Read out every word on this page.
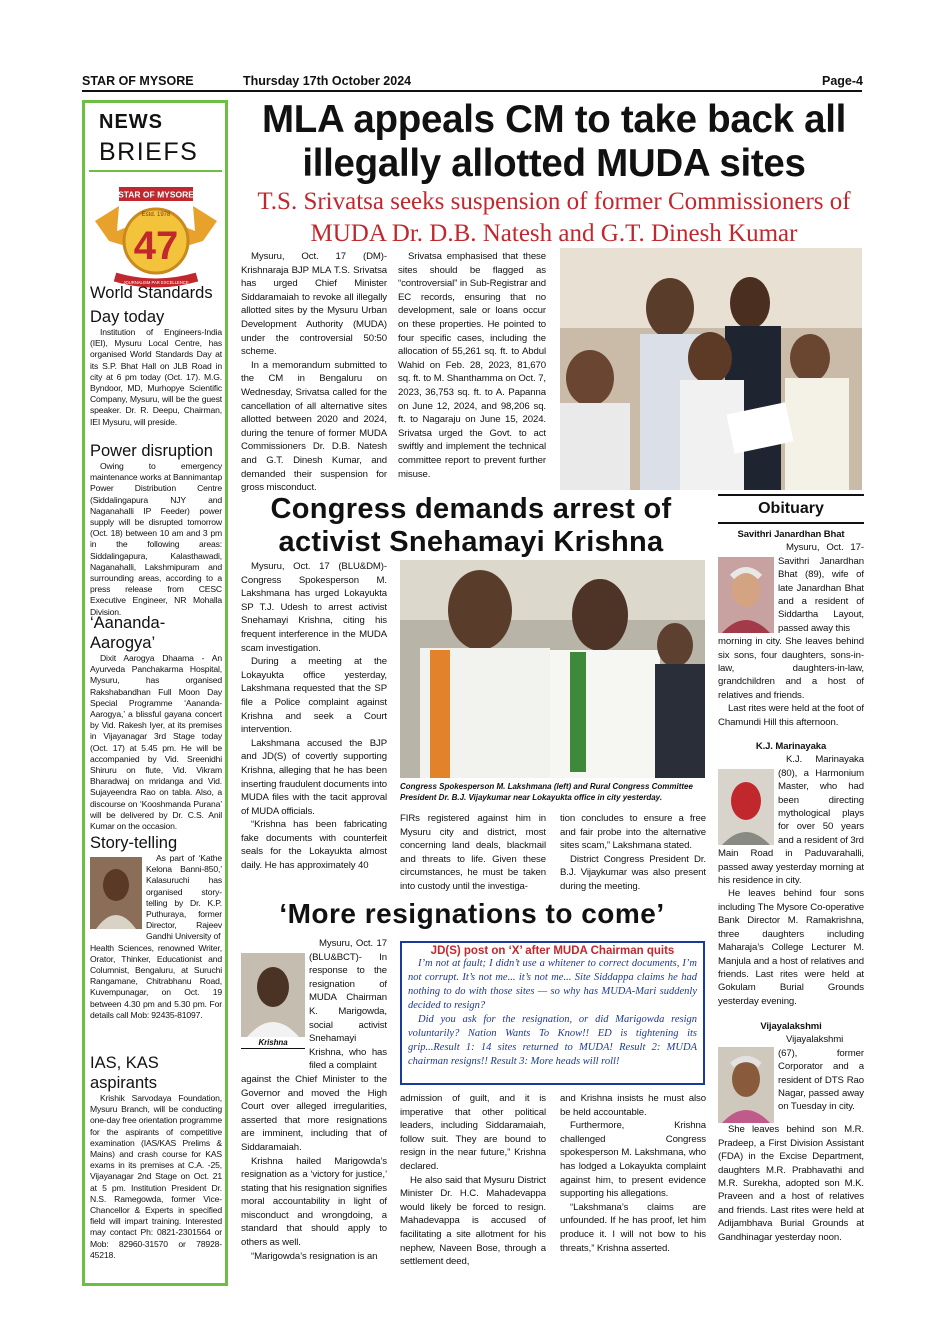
STAR OF MYSORE	Thursday 17th October 2024	Page-4
NEWS
BRIEFS
STAR OF MYSORE
Estd. 1978
47
JOURNALISM PAR EXCELLENCE
World Standards
Day today
Institution of Engineers-India (IEI), Mysuru Local Centre, has organised World Standards Day at its S.P. Bhat Hall on JLB Road in city at 6 pm today (Oct. 17). M.G. Byndoor, MD, Murhopye Scientific Company, Mysuru, will be the guest speaker. Dr. R. Deepu, Chairman, IEI Mysuru, will preside.
Power disruption
Owing to emergency maintenance works at Bannimantap Power Distribution Centre (Siddalingapura NJY and Naganahalli IP Feeder) power supply will be disrupted tomorrow (Oct. 18) between 10 am and 3 pm in the following areas: Siddalingapura, Kalasthawadi, Naganahalli, Lakshmipuram and surrounding areas, according to a press release from CESC Executive Engineer, NR Mohalla Division.
‘Aananda-Aarogya’
Dixit Aarogya Dhaama - An Ayurveda Panchakarma Hospital, Mysuru, has organised Rakshabandhan Full Moon Day Special Programme ‘Aananda-Aarogya,’ a blissful gayana concert by Vid. Rakesh Iyer, at its premises in Vijayanagar 3rd Stage today (Oct. 17) at 5.45 pm. He will be accompanied by Vid. Sreenidhi Shiruru on flute, Vid. Vikram Bharadwaj on mridanga and Vid. Sujayeendra Rao on tabla. Also, a discourse on ‘Kooshmanda Purana’ will be delivered by Dr. C.S. Anil Kumar on the occasion.
Story-telling
As part of ‘Kathe Kelona Banni-850,’ Kalasuruchi has organised story-telling by Dr. K.P. Puthuraya, former Director, Rajeev Gandhi University of
Health Sciences, renowned Writer, Orator, Thinker, Educationist and Columnist, Bengaluru, at Suruchi Rangamane, Chitrabhanu Road, Kuvempunagar, on Oct. 19 between 4.30 pm and 5.30 pm. For details call Mob: 92435-81097.
IAS, KAS aspirants
Krishik Sarvodaya Foundation, Mysuru Branch, will be conducting one-day free orientation programme for the aspirants of competitive examination (IAS/KAS Prelims & Mains) and crash course for KAS exams in its premises at C.A. -25, Vijayanagar 2nd Stage on Oct. 21 at 5 pm. Institution President Dr. N.S. Ramegowda, former Vice-Chancellor & Experts in specified field will impart training. Interested may contact Ph: 0821-2301564 or Mob: 82960-31570 or 78928-45218.
MLA appeals CM to take back all illegally allotted MUDA sites
T.S. Srivatsa seeks suspension of former Commissioners of MUDA Dr. D.B. Natesh and G.T. Dinesh Kumar

Mysuru, Oct. 17 (DM)- Krishnaraja BJP MLA T.S. Srivatsa has urged Chief Minister Siddaramaiah to revoke all illegally allotted sites by the Mysuru Urban Development Authority (MUDA) under the controversial 50:50 scheme.

In a memorandum submitted to the CM in Bengaluru on Wednesday, Srivatsa called for the cancellation of all alternative sites allotted between 2020 and 2024, during the tenure of former MUDA Commissioners Dr. D.B. Natesh and G.T. Dinesh Kumar, and demanded their suspension for gross misconduct.

Srivatsa emphasised that these sites should be flagged as “controversial” in Sub-Registrar and EC records, ensuring that no development, sale or loans occur on these properties. He pointed to four specific cases, including the allocation of 55,261 sq. ft. to Abdul Wahid on Feb. 28, 2023, 81,670 sq. ft. to M. Shanthamma on Oct. 7, 2023, 36,753 sq. ft. to A. Papanna on June 12, 2024, and 98,206 sq. ft. to Nagaraju on June 15, 2024. Srivatsa urged the Govt. to act swiftly and implement the technical committee report to prevent further misuse.

Congress demands arrest of activist Snehamayi Krishna

Mysuru, Oct. 17 (BLU&DM)- Congress Spokesperson M. Lakshmana has urged Lokayukta SP T.J. Udesh to arrest activist Snehamayi Krishna, citing his frequent interference in the MUDA scam investigation.

During a meeting at the Lokayukta office yesterday, Lakshmana requested that the SP file a Police complaint against Krishna and seek a Court intervention.

Lakshmana accused the BJP and JD(S) of covertly supporting Krishna, alleging that he has been inserting fraudulent documents into MUDA files with the tacit approval of MUDA officials.

“Krishna has been fabricating fake documents with counterfeit seals for the Lokayukta almost daily. He has approximately 40

Congress Spokesperson M. Lakshmana (left) and Rural Congress Committee President Dr. B.J. Vijaykumar near Lokayukta office in city yesterday.
FIRs registered against him in Mysuru city and district, most concerning land deals, blackmail and threats to life. Given these circumstances, he must be taken into custody until the investiga-
tion concludes to ensure a free and fair probe into the alternative sites scam,” Lakshmana stated.

District Congress President Dr. B.J. Vijaykumar was also present during the meeting.

‘More resignations to come’
Krishna
Mysuru, Oct. 17 (BLU&BCT)- In response to the resignation of MUDA Chairman K. Marigowda, social activist Snehamayi Krishna, who has filed a complaint
against the Chief Minister to the Governor and moved the High Court over alleged irregularities, asserted that more resignations are imminent, including that of Siddaramaiah.

Krishna hailed Marigowda’s resignation as a ‘victory for justice,’ stating that his resignation signifies moral accountability in light of misconduct and wrongdoing, a standard that should apply to others as well.

“Marigowda’s resignation is an

JD(S) post on ‘X’ after MUDA Chairman quits

I’m not at fault; I didn’t use a whitener to correct documents, I’m not corrupt. It’s not me... it’s not me... Site Siddappa claims he had nothing to do with those sites — so why has MUDA-Mari suddenly decided to resign?

Did you ask for the resignation, or did Marigowda resign voluntarily? Nation Wants To Know!! ED is tightening its grip...Result 1: 14 sites returned to MUDA! Result 2: MUDA chairman resigns!! Result 3: More heads will roll!

admission of guilt, and it is imperative that other political leaders, including Siddaramaiah, follow suit. They are bound to resign in the near future,” Krishna declared.

He also said that Mysuru District Minister Dr. H.C. Mahadevappa would likely be forced to resign. Mahadevappa is accused of facilitating a site allotment for his nephew, Naveen Bose, through a settlement deed,

and Krishna insists he must also be held accountable.

Furthermore, Krishna challenged Congress spokesperson M. Lakshmana, who has lodged a Lokayukta complaint against him, to present evidence supporting his allegations.

“Lakshmana’s claims are unfounded. If he has proof, let him produce it. I will not bow to his threats,” Krishna asserted.

Obituary
Savithri Janardhan Bhat
Mysuru, Oct. 17- Savithri Janardhan Bhat (89), wife of late Janardhan Bhat and a resident of Siddartha Layout, passed away this
morning in city. She leaves behind six sons, four daughters, sons-in-law, daughters-in-law, grandchildren and a host of relatives and friends.
Last rites were held at the foot of Chamundi Hill this afternoon.
K.J. Marinayaka
K.J. Marinayaka (80), a Harmonium Master, who had been directing mythological plays for over 50 years and a resident of 3rd
Main Road in Paduvarahalli, passed away yesterday morning at his residence in city.
He leaves behind four sons including The Mysore Co-operative Bank Director M. Ramakrishna, three daughters including Maharaja’s College Lecturer M. Manjula and a host of relatives and friends. Last rites were held at Gokulam Burial Grounds yesterday evening.
Vijayalakshmi
Vijayalakshmi (67), former Corporator and a resident of DTS Rao Nagar, passed away on Tuesday in city.
She leaves behind son M.R. Pradeep, a First Division Assistant (FDA) in the Excise Department, daughters M.R. Prabhavathi and M.R. Surekha, adopted son M.K. Praveen and a host of relatives and friends. Last rites were held at Adijambhava Burial Grounds at Gandhinagar yesterday noon.
